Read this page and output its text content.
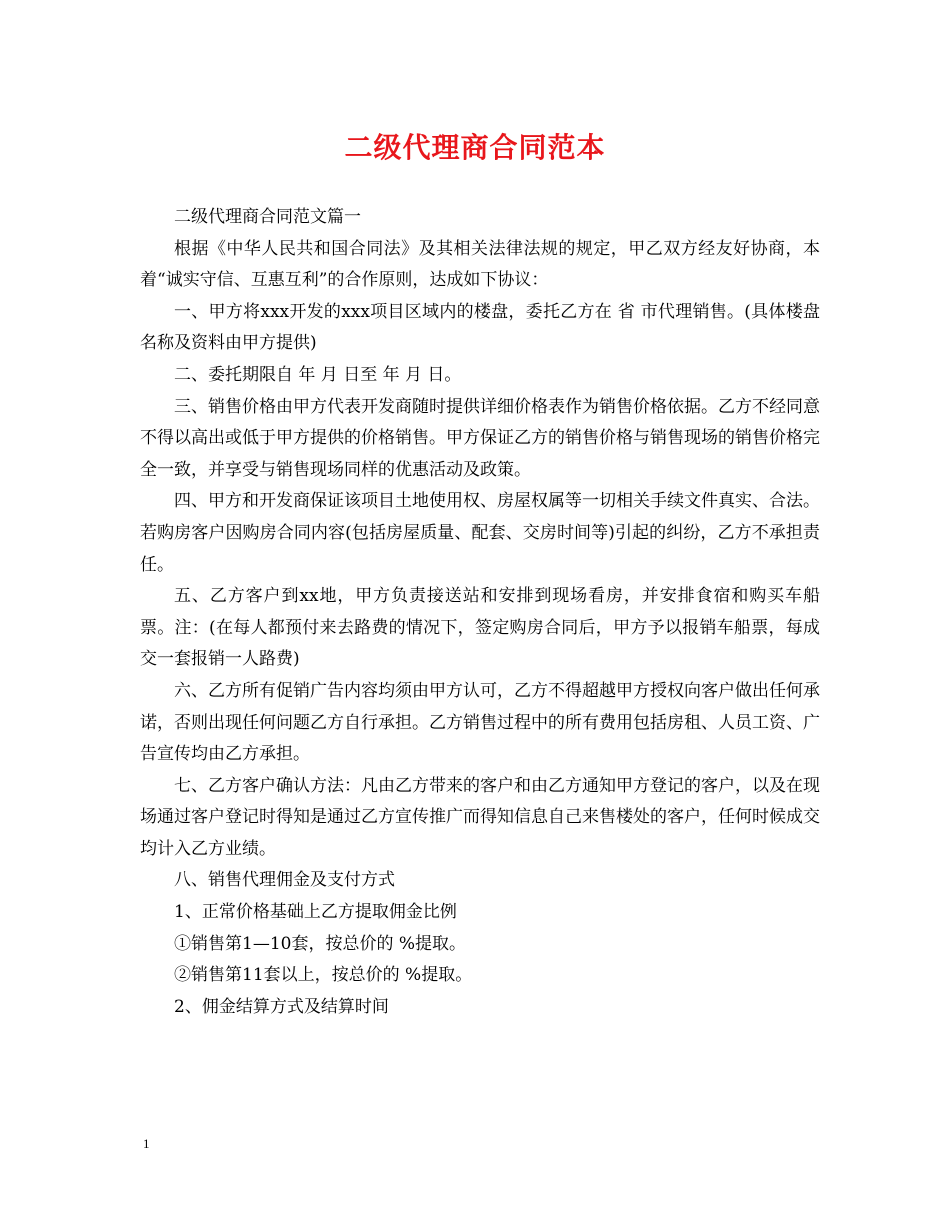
二级代理商合同范本

二级代理商合同范文篇一

根据《中华人民共和国合同法》及其相关法律法规的规定，甲乙双方经友好协商，本着“诚实守信、互惠互利”的合作原则，达成如下协议：

一、甲方将xxx开发的xxx项目区域内的楼盘，委托乙方在 省 市代理销售。(具体楼盘名称及资料由甲方提供)

二、委托期限自 年 月 日至 年 月 日。

三、销售价格由甲方代表开发商随时提供详细价格表作为销售价格依据。乙方不经同意不得以高出或低于甲方提供的价格销售。甲方保证乙方的销售价格与销售现场的销售价格完全一致，并享受与销售现场同样的优惠活动及政策。

四、甲方和开发商保证该项目土地使用权、房屋权属等一切相关手续文件真实、合法。若购房客户因购房合同内容(包括房屋质量、配套、交房时间等)引起的纠纷，乙方不承担责任。

五、乙方客户到xx地，甲方负责接送站和安排到现场看房，并安排食宿和购买车船票。注：(在每人都预付来去路费的情况下，签定购房合同后，甲方予以报销车船票，每成交一套报销一人路费)

六、乙方所有促销广告内容均须由甲方认可，乙方不得超越甲方授权向客户做出任何承诺，否则出现任何问题乙方自行承担。乙方销售过程中的所有费用包括房租、人员工资、广告宣传均由乙方承担。

七、乙方客户确认方法：凡由乙方带来的客户和由乙方通知甲方登记的客户，以及在现场通过客户登记时得知是通过乙方宣传推广而得知信息自己来售楼处的客户，任何时候成交均计入乙方业绩。

八、销售代理佣金及支付方式

1、正常价格基础上乙方提取佣金比例

①销售第1—10套，按总价的 %提取。

②销售第11套以上，按总价的 %提取。

2、佣金结算方式及结算时间

1
